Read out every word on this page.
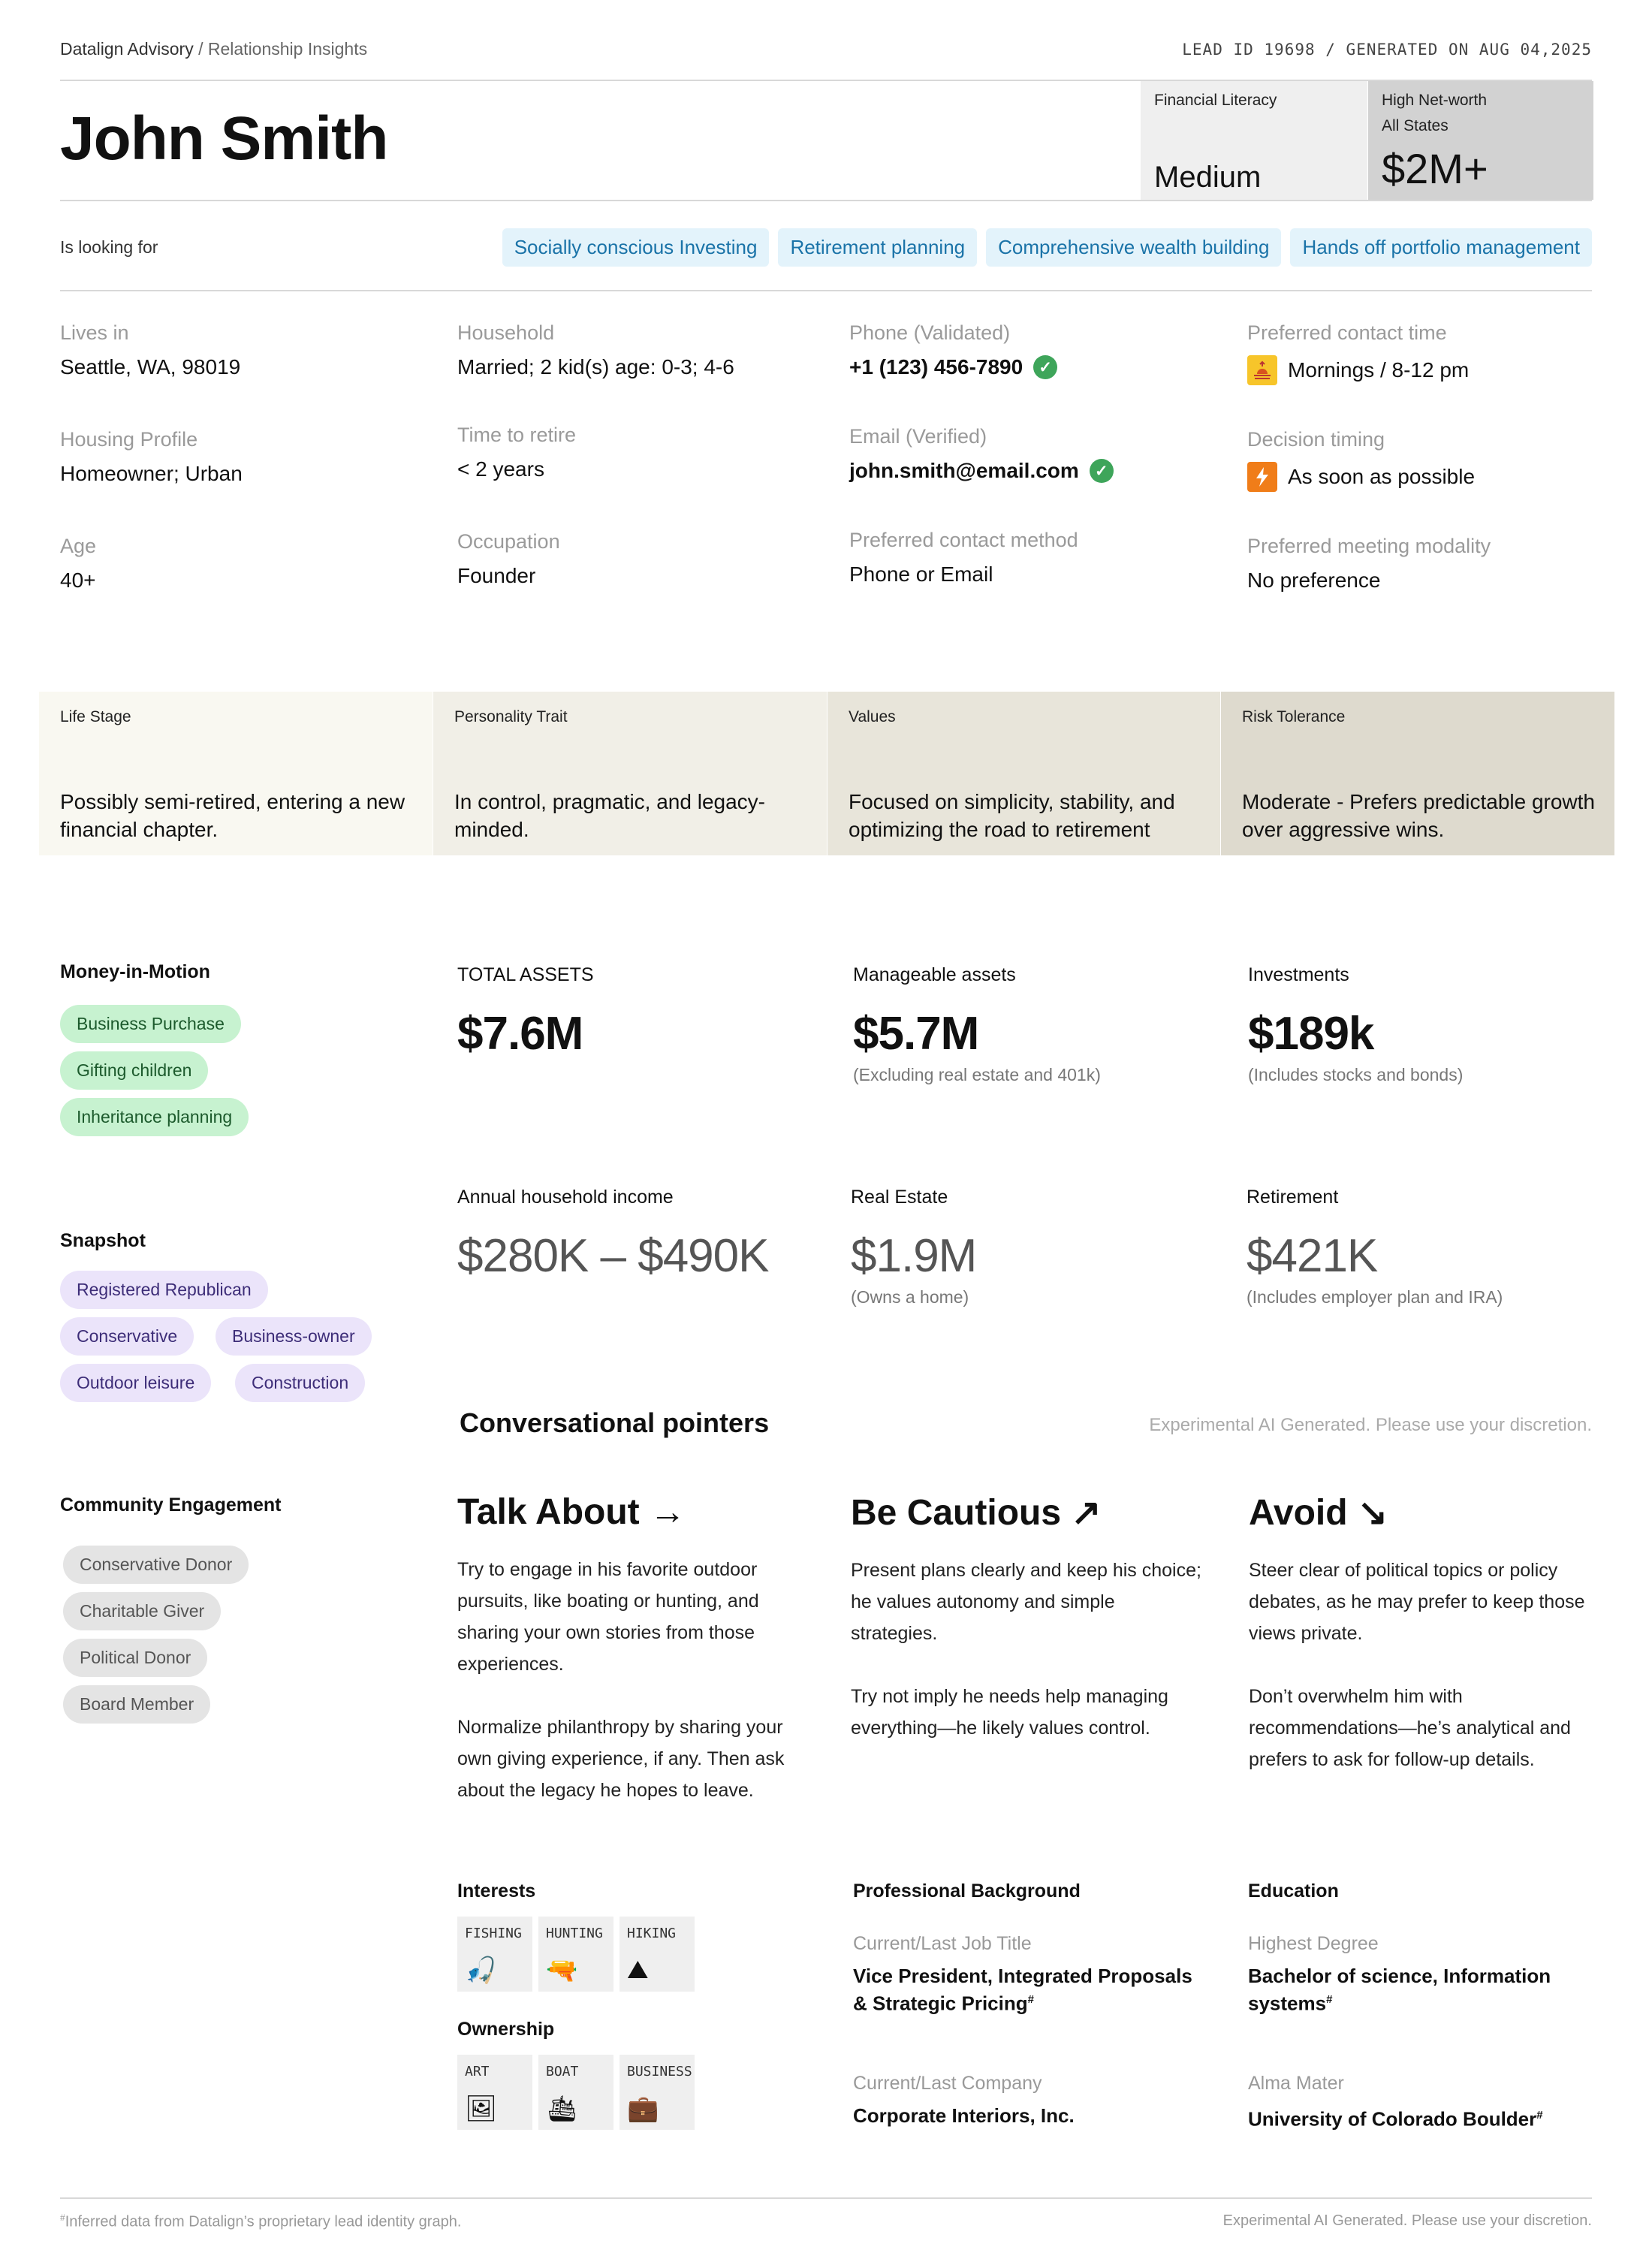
Datalign Advisory / Relationship Insights	LEAD ID 19698 / GENERATED ON AUG 04,2025
John Smith
Financial Literacy
Medium
High Net-worth
All States
$2M+
Is looking for	Socially conscious Investing	Retirement planning	Comprehensive wealth building	Hands off portfolio management
Lives in
Seattle, WA, 98019
Housing Profile
Homeowner; Urban
Age
40+
Household
Married; 2 kid(s) age: 0-3; 4-6
Time to retire
< 2 years
Occupation
Founder
Phone (Validated)
+1 (123) 456-7890	✓
Email (Verified)
john.smith@email.com	✓
Preferred contact method
Phone or Email
Preferred contact time
Mornings / 8-12 pm
Decision timing
As soon as possible
Preferred meeting modality
No preference
Life Stage
Possibly semi-retired, entering a new financial chapter.
Personality Trait
In control, pragmatic, and legacy-minded.
Values
Focused on simplicity, stability, and optimizing the road to retirement
Risk Tolerance
Moderate - Prefers predictable growth over aggressive wins.
Money-in-Motion
Business Purchase
Gifting children
Inheritance planning
Snapshot
Registered Republican
Conservative	Business-owner
Outdoor leisure	Construction
Community Engagement
Conservative Donor
Charitable Giver
Political Donor
Board Member
TOTAL ASSETS
$7.6M
Manageable assets
$5.7M
(Excluding real estate and 401k)
Investments
$189k
(Includes stocks and bonds)
Annual household income
$280K – $490K
Real Estate
$1.9M
(Owns a home)
Retirement
$421K
(Includes employer plan and IRA)
Conversational pointers	Experimental AI Generated. Please use your discretion.
Talk About →
Try to engage in his favorite outdoor pursuits, like boating or hunting, and sharing your own stories from those experiences.
Normalize philanthropy by sharing your own giving experience, if any. Then ask about the legacy he hopes to leave.
Be Cautious ↗
Present plans clearly and keep his choice; he values autonomy and simple strategies.
Try not imply he needs help managing everything—he likely values control.
Avoid ↘
Steer clear of political topics or policy debates, as he may prefer to keep those views private.
Don’t overwhelm him with recommendations—he’s analytical and prefers to ask for follow-up details.
Interests
FISHING
🎣
HUNTING
🔫
HIKING
⛰
Ownership
ART
🖼
BOAT
🛳
BUSINESS
💼
Professional Background
Current/Last Job Title
Vice President, Integrated Proposals & Strategic Pricing#
Current/Last Company
Corporate Interiors, Inc.
Education
Highest Degree
Bachelor of science, Information systems#
Alma Mater
University of Colorado Boulder#
#Inferred data from Datalign’s proprietary lead identity graph.	Experimental AI Generated. Please use your discretion.
